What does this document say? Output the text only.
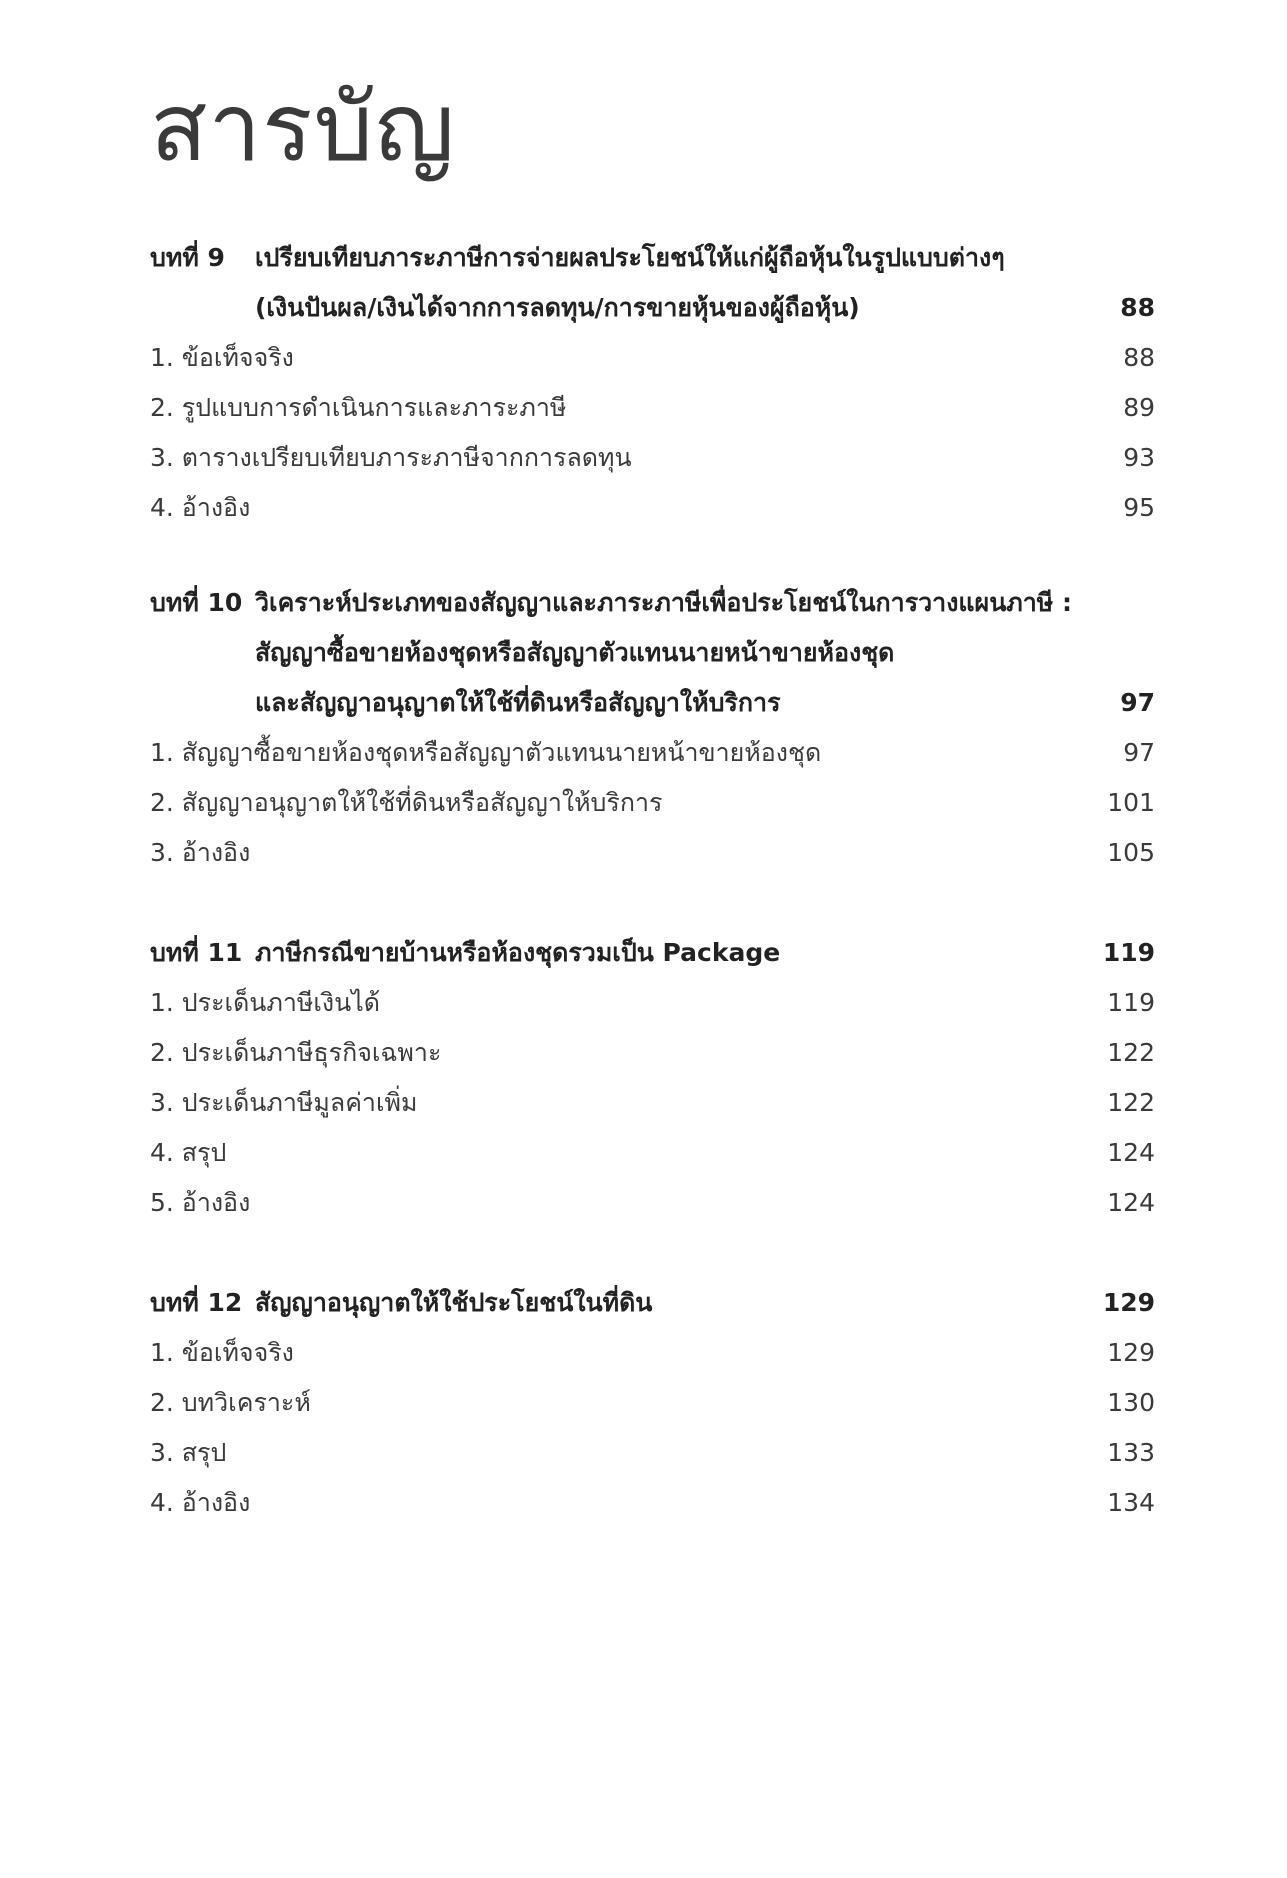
สารบัญ
บทที่ 9 เปรียบเทียบภาระภาษีการจ่ายผลประโยชน์ให้แก่ผู้ถือหุ้นในรูปแบบต่างๆ
(เงินปันผล/เงินได้จากการลดทุน/การขายหุ้นของผู้ถือหุ้น)	88
1. ข้อเท็จจริง	88
2. รูปแบบการดำเนินการและภาระภาษี	89
3. ตารางเปรียบเทียบภาระภาษีจากการลดทุน	93
4. อ้างอิง	95
บทที่ 10 วิเคราะห์ประเภทของสัญญาและภาระภาษีเพื่อประโยชน์ในการวางแผนภาษี :
สัญญาซื้อขายห้องชุดหรือสัญญาตัวแทนนายหน้าขายห้องชุด
และสัญญาอนุญาตให้ใช้ที่ดินหรือสัญญาให้บริการ	97
1. สัญญาซื้อขายห้องชุดหรือสัญญาตัวแทนนายหน้าขายห้องชุด	97
2. สัญญาอนุญาตให้ใช้ที่ดินหรือสัญญาให้บริการ	101
3. อ้างอิง	105
บทที่ 11 ภาษีกรณีขายบ้านหรือห้องชุดรวมเป็น Package	119
1. ประเด็นภาษีเงินได้	119
2. ประเด็นภาษีธุรกิจเฉพาะ	122
3. ประเด็นภาษีมูลค่าเพิ่ม	122
4. สรุป	124
5. อ้างอิง	124
บทที่ 12 สัญญาอนุญาตให้ใช้ประโยชน์ในที่ดิน	129
1. ข้อเท็จจริง	129
2. บทวิเคราะห์	130
3. สรุป	133
4. อ้างอิง	134
